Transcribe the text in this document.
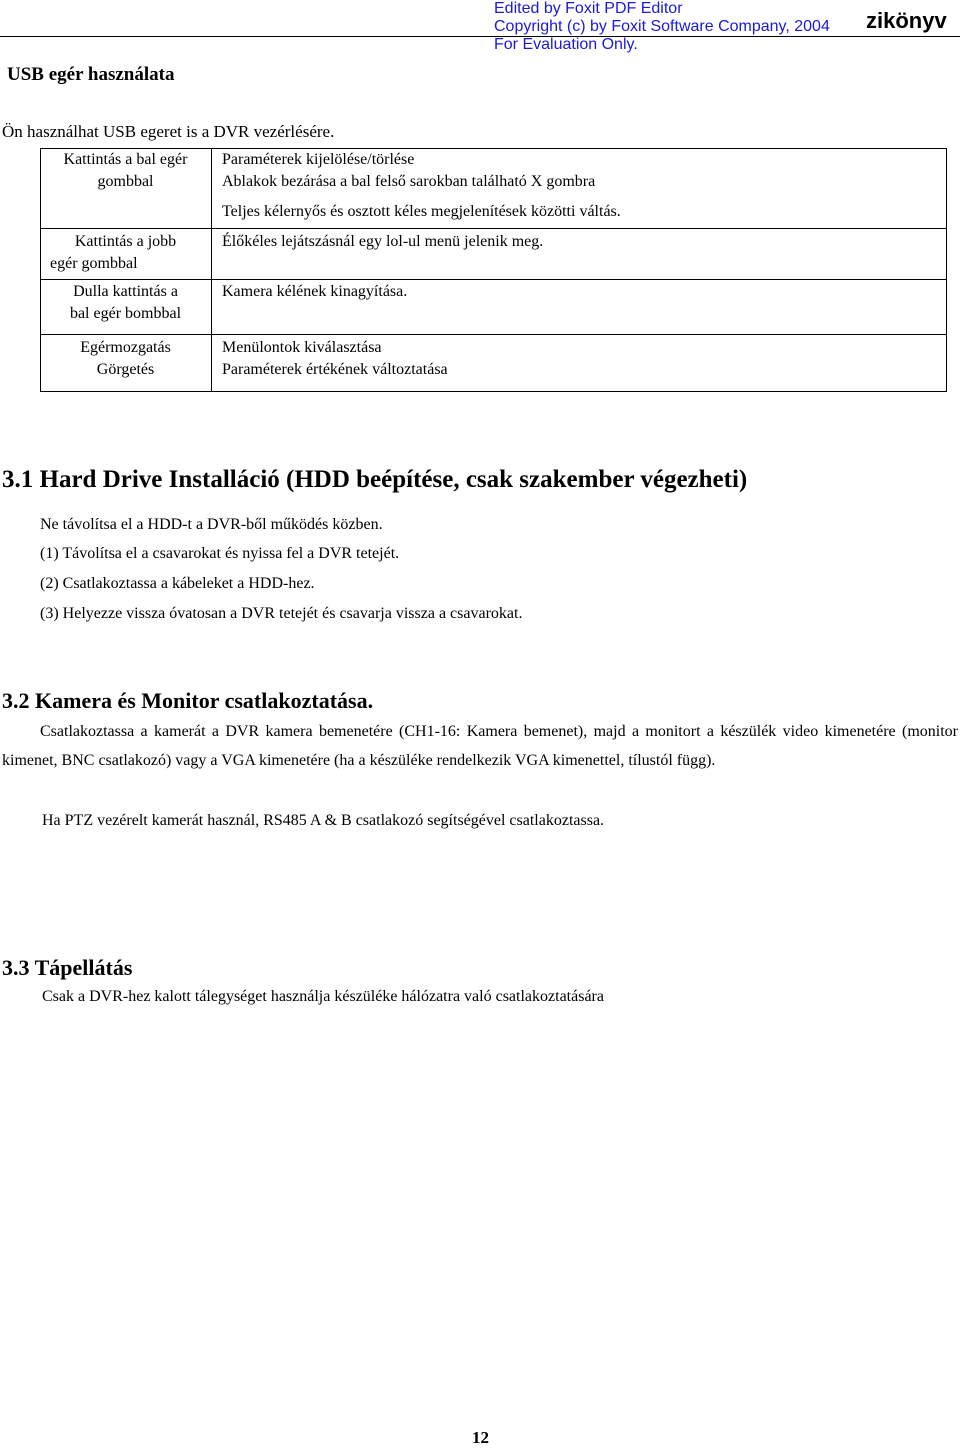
Edited by Foxit PDF Editor
Copyright (c) by Foxit Software Company, 2004
For Evaluation Only.
zikönyv
USB egér használata
Ön használhat USB egeret is a DVR vezérlésére.
Kattintás a bal egér
gombbal
Paraméterek kijelölése/törlése
Ablakok bezárása a bal felső sarokban található X gombra
Teljes kélernyős és osztott kéles megjelenítések közötti váltás.
Kattintás a jobb
egér gombbal
Élőkéles lejátszásnál egy lol-ul menü jelenik meg.
Dulla kattintás a
bal egér bombbal
Kamera kélének kinagyítása.
Egérmozgatás
Görgetés
Menülontok kiválasztása
Paraméterek értékének változtatása
3.1 Hard Drive Installáció (HDD beépítése, csak szakember végezheti)
Ne távolítsa el a HDD-t a DVR-ből működés közben.
(1) Távolítsa el a csavarokat és nyissa fel a DVR tetejét.
(2) Csatlakoztassa a kábeleket a HDD-hez.
(3) Helyezze vissza óvatosan a DVR tetejét és csavarja vissza a csavarokat.
3.2 Kamera és Monitor csatlakoztatása.
Csatlakoztassa a kamerát a DVR kamera bemenetére (CH1-16: Kamera bemenet), majd a monitort a készülék video kimenetére (monitor kimenet, BNC csatlakozó) vagy a VGA kimenetére (ha a készüléke rendelkezik VGA kimenettel, tílustól függ).
Ha PTZ vezérelt kamerát használ, RS485 A & B csatlakozó segítségével csatlakoztassa.
3.3 Tápellátás
Csak a DVR-hez kalott tálegységet használja készüléke hálózatra való csatlakoztatására
12
